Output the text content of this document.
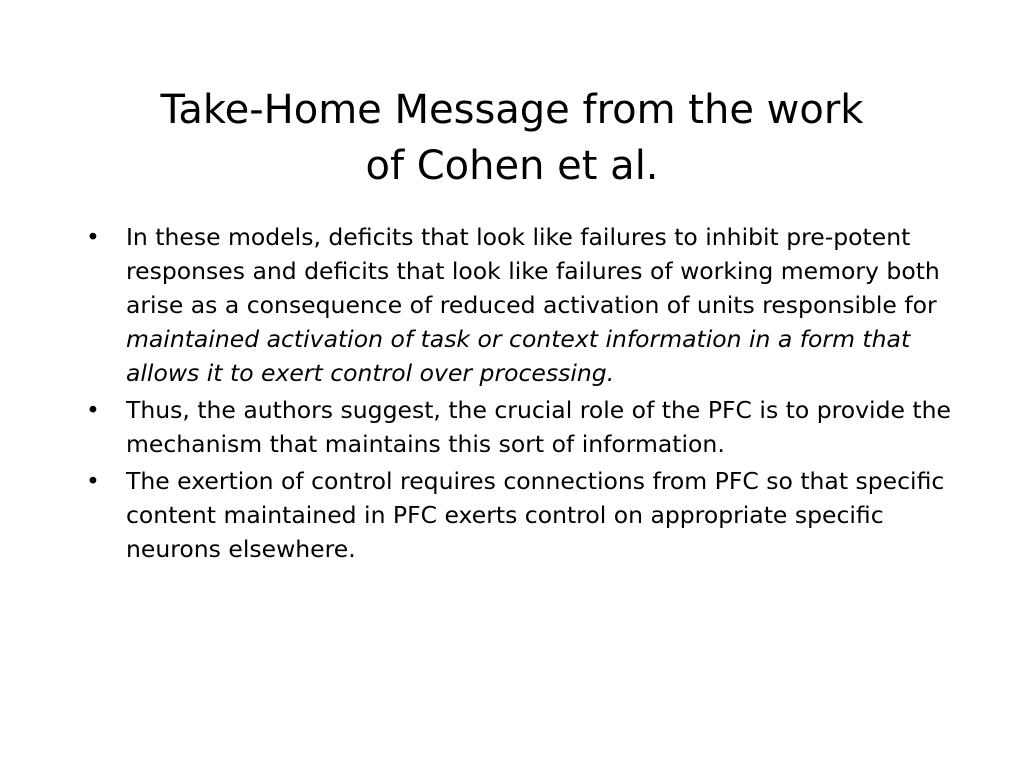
Take-Home Message from the work
of Cohen et al.
• In these models, deficits that look like failures to inhibit pre-potent responses and deficits that look like failures of working memory both arise as a consequence of reduced activation of units responsible for maintained activation of task or context information in a form that allows it to exert control over processing.
• Thus, the authors suggest, the crucial role of the PFC is to provide the mechanism that maintains this sort of information.
• The exertion of control requires connections from PFC so that specific content maintained in PFC exerts control on appropriate specific neurons elsewhere.
